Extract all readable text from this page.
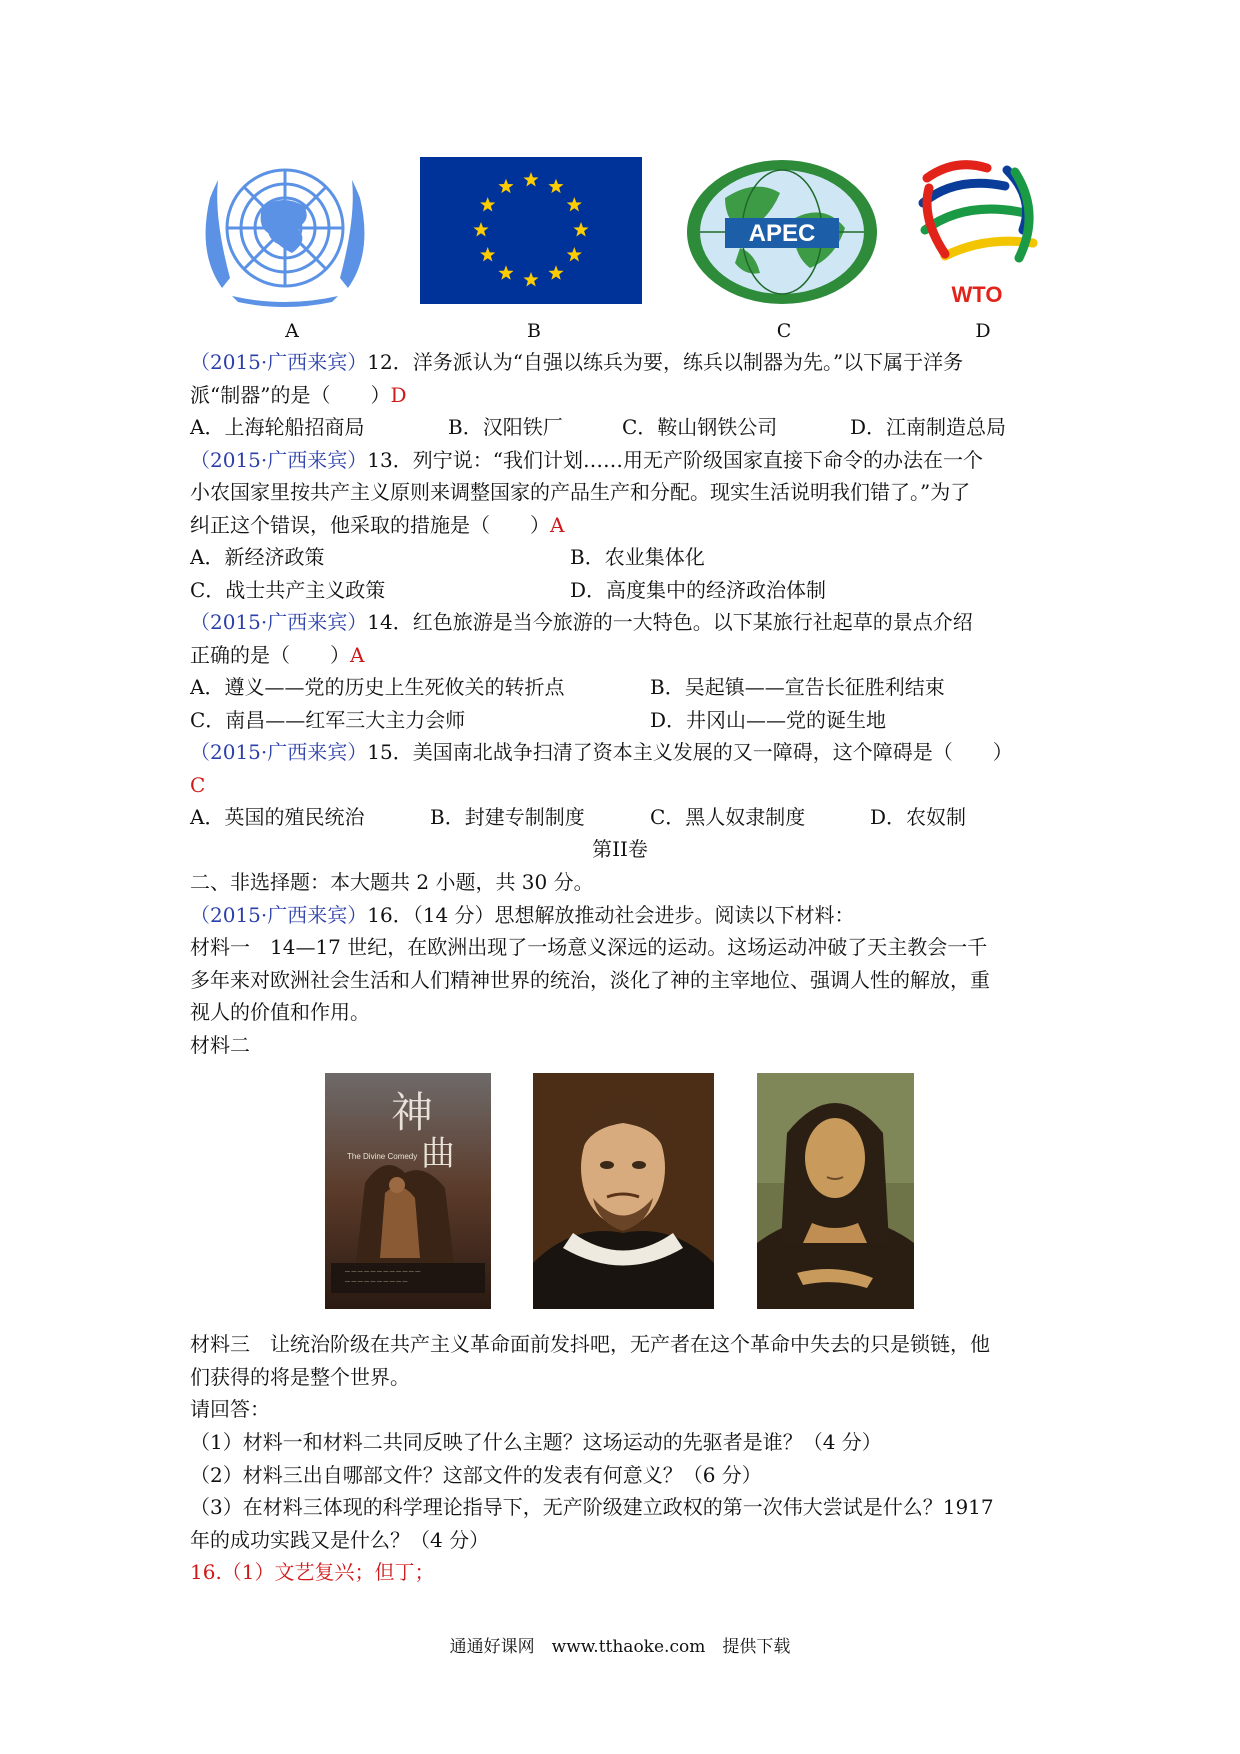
APEC
WTO
A	B	C	D
（2015·广西来宾）12．洋务派认为“自强以练兵为要，练兵以制器为先。”以下属于洋务
派“制器”的是（　　）D
A．上海轮船招商局	B．汉阳铁厂	C．鞍山钢铁公司	D．江南制造总局
（2015·广西来宾）13．列宁说：“我们计划……用无产阶级国家直接下命令的办法在一个
小农国家里按共产主义原则来调整国家的产品生产和分配。现实生活说明我们错了。”为了
纠正这个错误，他采取的措施是（　　）A
A．新经济政策	B．农业集体化
C．战士共产主义政策	D．高度集中的经济政治体制
（2015·广西来宾）14．红色旅游是当今旅游的一大特色。以下某旅行社起草的景点介绍
正确的是（　　）A
A．遵义——党的历史上生死攸关的转折点	B．吴起镇——宣告长征胜利结束
C．南昌——红军三大主力会师	D．井冈山——党的诞生地
（2015·广西来宾）15．美国南北战争扫清了资本主义发展的又一障碍，这个障碍是（　　）
C
A．英国的殖民统治	B．封建专制制度	C．黑人奴隶制度	D．农奴制
第II卷
二、非选择题：本大题共 2 小题，共 30 分。
（2015·广西来宾）16．（14 分）思想解放推动社会进步。阅读以下材料：
材料一　14—17 世纪，在欧洲出现了一场意义深远的运动。这场运动冲破了天主教会一千
多年来对欧洲社会生活和人们精神世界的统治，淡化了神的主宰地位、强调人性的解放，重
视人的价值和作用。
材料二
— — — — — — — — — — — —
— — — — — — — — — —
神
曲
The Divine Comedy
材料三　让统治阶级在共产主义革命面前发抖吧，无产者在这个革命中失去的只是锁链，他
们获得的将是整个世界。
请回答：
（1）材料一和材料二共同反映了什么主题？这场运动的先驱者是谁？（4 分）
（2）材料三出自哪部文件？这部文件的发表有何意义？（6 分）
（3）在材料三体现的科学理论指导下，无产阶级建立政权的第一次伟大尝试是什么？1917
年的成功实践又是什么？（4 分）
16.（1）文艺复兴；但丁；
通通好课网　www.tthaoke.com　提供下载
